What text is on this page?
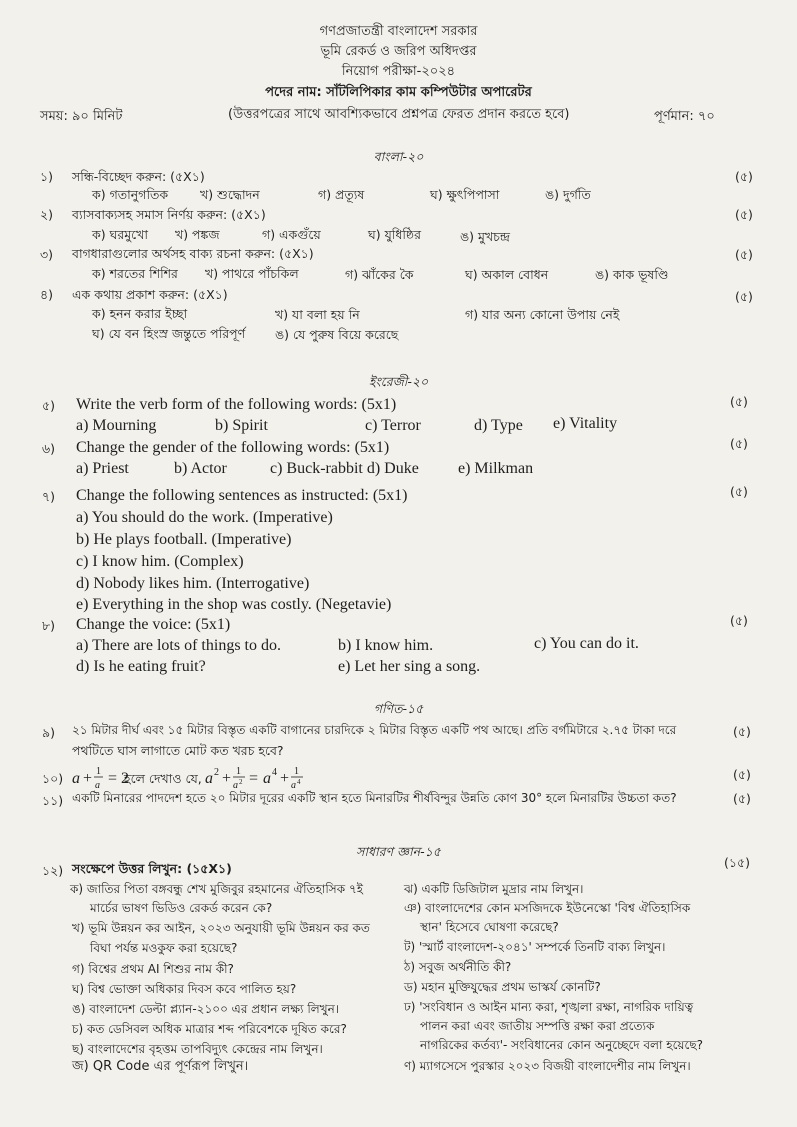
গণপ্রজাতন্ত্রী বাংলাদেশ সরকার
ভূমি রেকর্ড ও জরিপ অধিদপ্তর
নিয়োগ পরীক্ষা-২০২৪
পদের নাম: সাঁটলিপিকার কাম কম্পিউটার অপারেটর
সময়: ৯০ মিনিট	(উত্তরপত্রের সাথে আবশ্যিকভাবে প্রশ্নপত্র ফেরত প্রদান করতে হবে)	পূর্ণমান: ৭০
বাংলা-২০
১) সন্ধি-বিচ্ছেদ করুন: (৫X১)	(৫)
ক) গতানুগতিক	খ) শুদ্ধোদন	গ) প্রত্যূষ	ঘ) ক্ষুৎপিপাসা	ঙ) দুর্গতি
২) ব্যাসবাক্যসহ সমাস নির্ণয় করুন: (৫X১)	(৫)
ক) ঘরমুখো খ) পঙ্কজ	গ) একগুঁয়ে	ঘ) যুধিষ্ঠির	ঙ) মুখচন্দ্র
৩) বাগধারাগুলোর অর্থসহ বাক্য রচনা করুন: (৫X১)	(৫)
ক) শরতের শিশির খ) পাথরে পাঁচকিল	গ) ঝাঁকের কৈ	ঘ) অকাল বোধন	ঙ) কাক ভূষণ্ডি
৪) এক কথায় প্রকাশ করুন: (৫X১)	(৫)
ক) হনন করার ইচ্ছা	খ) যা বলা হয় নি	গ) যার অন্য কোনো উপায় নেই
ঘ) যে বন হিংস্র জন্তুতে পরিপূর্ণ ঙ) যে পুরুষ বিয়ে করেছে
ইংরেজী-২০
৫) Write the verb form of the following words: (5x1)	(৫)
a) Mourning	b) Spirit	c) Terror	d) Type e) Vitality
৬) Change the gender of the following words: (5x1)	(৫)
a) Priest	b) Actor	c) Buck-rabbit d) Duke e) Milkman
৭) Change the following sentences as instructed: (5x1)	(৫)
a) You should do the work. (Imperative)
b) He plays football. (Imperative)
c) I know him. (Complex)
d) Nobody likes him. (Interrogative)
e) Everything in the shop was costly. (Negetavie)
৮) Change the voice: (5x1)	(৫)
a) There are lots of things to do.	b) I know him.	c) You can do it.
d) Is he eating fruit?	e) Let her sing a song.
গণিত-১৫
৯) ২১ মিটার দীর্ঘ এবং ১৫ মিটার বিস্তৃত একটি বাগানের চারদিকে ২ মিটার বিস্তৃত একটি পথ আছে। প্রতি বর্গমিটারে ২.৭৫ টাকা দরে	(৫)
পথটিতে ঘাস লাগাতে মোট কত খরচ হবে?
১০) a + 1
a = 2
হলে দেখাও যে, a 2 + 1
a 2 = a 4 + 1
a 4	(৫)
১১) একটি মিনারের পাদদেশ হতে ২০ মিটার দূরের একটি স্থান হতে মিনারটির শীর্ষবিন্দুর উন্নতি কোণ 30° হলে মিনারটির উচ্চতা কত?	(৫)
সাধারণ জ্ঞান-১৫
১২) সংক্ষেপে উত্তর লিখুন: (১৫X১)	(১৫)
ক) জাতির পিতা বঙ্গবন্ধু শেখ মুজিবুর রহমানের ঐতিহাসিক ৭ই
মার্চের ভাষণ ভিডিও রেকর্ড করেন কে?
খ) ভূমি উন্নয়ন কর আইন, ২০২৩ অনুযায়ী ভূমি উন্নয়ন কর কত
বিঘা পর্যন্ত মওকুফ করা হয়েছে?
গ) বিশ্বের প্রথম AI শিশুর নাম কী?
ঘ) বিশ্ব ভোক্তা অধিকার দিবস কবে পালিত হয়?
ঙ) বাংলাদেশ ডেল্টা প্ল্যান-২১০০ এর প্রধান লক্ষ্য লিখুন।
চ) কত ডেসিবল অধিক মাত্রার শব্দ পরিবেশকে দূষিত করে?
ছ) বাংলাদেশের বৃহত্তম তাপবিদ্যুৎ কেন্দ্রের নাম লিখুন।
জ) QR Code এর পূর্ণরূপ লিখুন।
ঝ) একটি ডিজিটাল মুদ্রার নাম লিখুন।
ঞ) বাংলাদেশের কোন মসজিদকে ইউনেস্কো 'বিশ্ব ঐতিহাসিক
স্থান' হিসেবে ঘোষণা করেছে?
ট) 'স্মার্ট বাংলাদেশ-২০৪১' সম্পর্কে তিনটি বাক্য লিখুন।
ঠ) সবুজ অর্থনীতি কী?
ড) মহান মুক্তিযুদ্ধের প্রথম ভাস্কর্য কোনটি?
ঢ) 'সংবিধান ও আইন মান্য করা, শৃঙ্খলা রক্ষা, নাগরিক দায়িত্ব
পালন করা এবং জাতীয় সম্পত্তি রক্ষা করা প্রত্যেক
নাগরিকের কর্তব্য'- সংবিধানের কোন অনুচ্ছেদে বলা হয়েছে?
ণ) ম্যাগসেসে পুরস্কার ২০২৩ বিজয়ী বাংলাদেশীর নাম লিখুন।
